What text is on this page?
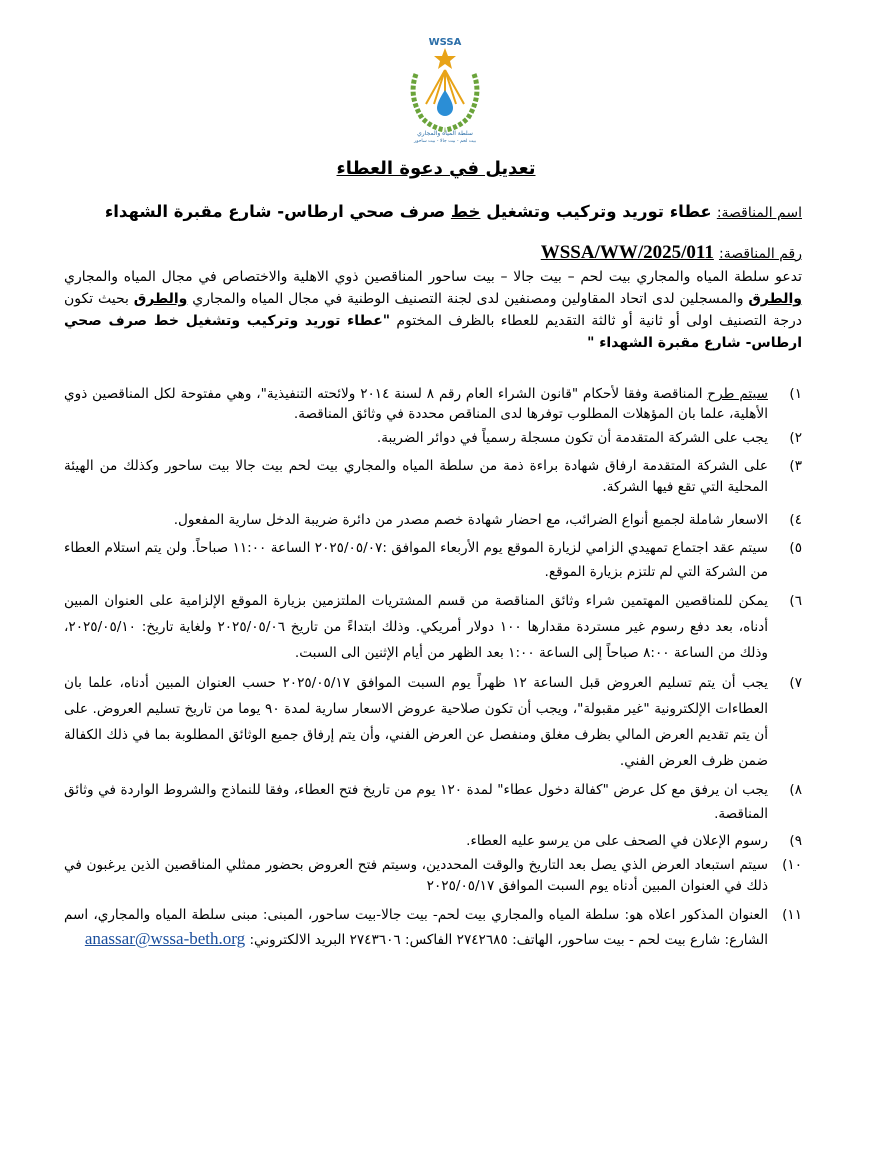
WSSA
سلطة المياه والمجاري
بيت لحم - بيت جالا - بيت ساحور
تعديل في دعوة العطاء
اسم المناقصة: عطاء توريد وتركيب وتشغيل خط صرف صحي ارطاس- شارع مقبرة الشهداء
رقم المناقصة: WSSA/WW/2025/011
تدعو سلطة المياه والمجاري بيت لحم – بيت جالا – بيت ساحور المناقصين ذوي الاهلية والاختصاص في مجال المياه والمجاري والطرق والمسجلين لدى اتحاد المقاولين ومصنفين لدى لجنة التصنيف الوطنية في مجال المياه والمجاري والطرق بحيث تكون درجة التصنيف اولى أو ثانية أو ثالثة التقديم للعطاء بالظرف المختوم "عطاء توريد وتركيب وتشغيل خط صرف صحي ارطاس- شارع مقبرة الشهداء "
١)
سيتم طرح المناقصة وفقا لأحكام "قانون الشراء العام رقم ٨ لسنة ٢٠١٤ ولائحته التنفيذية"، وهي مفتوحة لكل المناقصين ذوي الأهلية، علما بان المؤهلات المطلوب توفرها لدى المناقص محددة في وثائق المناقصة.
٢)
يجب على الشركة المتقدمة أن تكون مسجلة رسمياً في دوائر الضريبة.
٣)
على الشركة المتقدمة ارفاق شهادة براءة ذمة من سلطة المياه والمجاري بيت لحم بيت جالا بيت ساحور وكذلك من الهيئة المحلية التي تقع فيها الشركة.
٤)
الاسعار شاملة لجميع أنواع الضرائب، مع احضار شهادة خصم مصدر من دائرة ضريبة الدخل سارية المفعول.
٥)
سيتم عقد اجتماع تمهيدي الزامي لزيارة الموقع يوم الأربعاء الموافق :٢٠٢٥/٠٥/٠٧ الساعة ١١:٠٠ صباحاً. ولن يتم استلام العطاء من الشركة التي لم تلتزم بزيارة الموقع.
٦)
يمكن للمناقصين المهتمين شراء وثائق المناقصة من قسم المشتريات الملتزمين بزيارة الموقع الإلزامية على العنوان المبين أدناه، بعد دفع رسوم غير مستردة مقدارها ١٠٠ دولار أمريكي. وذلك ابتداءً من تاريخ ٢٠٢٥/٠٥/٠٦ ولغاية تاريخ: ٢٠٢٥/٠٥/١٠، وذلك من الساعة ٨:٠٠ صباحاً إلى الساعة ١:٠٠ بعد الظهر من أيام الإثنين الى السبت.
٧)
يجب أن يتم تسليم العروض قبل الساعة ١٢ ظهراً يوم السبت الموافق ٢٠٢٥/٠٥/١٧ حسب العنوان المبين أدناه، علما بان العطاءات الإلكترونية "غير مقبولة"، ويجب أن تكون صلاحية عروض الاسعار سارية لمدة ٩٠ يوما من تاريخ تسليم العروض. على أن يتم تقديم العرض المالي بظرف مغلق ومنفصل عن العرض الفني، وأن يتم إرفاق جميع الوثائق المطلوبة بما في ذلك الكفالة ضمن ظرف العرض الفني.
٨)
يجب ان يرفق مع كل عرض "كفالة دخول عطاء" لمدة ١٢٠ يوم من تاريخ فتح العطاء، وفقا للنماذج والشروط الواردة في وثائق المناقصة.
٩)
رسوم الإعلان في الصحف على من يرسو عليه العطاء.
١٠)
سيتم استبعاد العرض الذي يصل بعد التاريخ والوقت المحددين، وسيتم فتح العروض بحضور ممثلي المناقصين الذين يرغبون في ذلك في العنوان المبين أدناه يوم السبت الموافق ٢٠٢٥/٠٥/١٧
١١)
العنوان المذكور اعلاه هو: سلطة المياه والمجاري بيت لحم- بيت جالا-بيت ساحور، المبنى: مبنى سلطة المياه والمجاري، اسم الشارع: شارع بيت لحم - بيت ساحور، الهاتف: ٢٧٤٢٦٨٥ الفاكس: ٢٧٤٣٦٠٦ البريد الالكتروني: anassar@wssa-beth.org
